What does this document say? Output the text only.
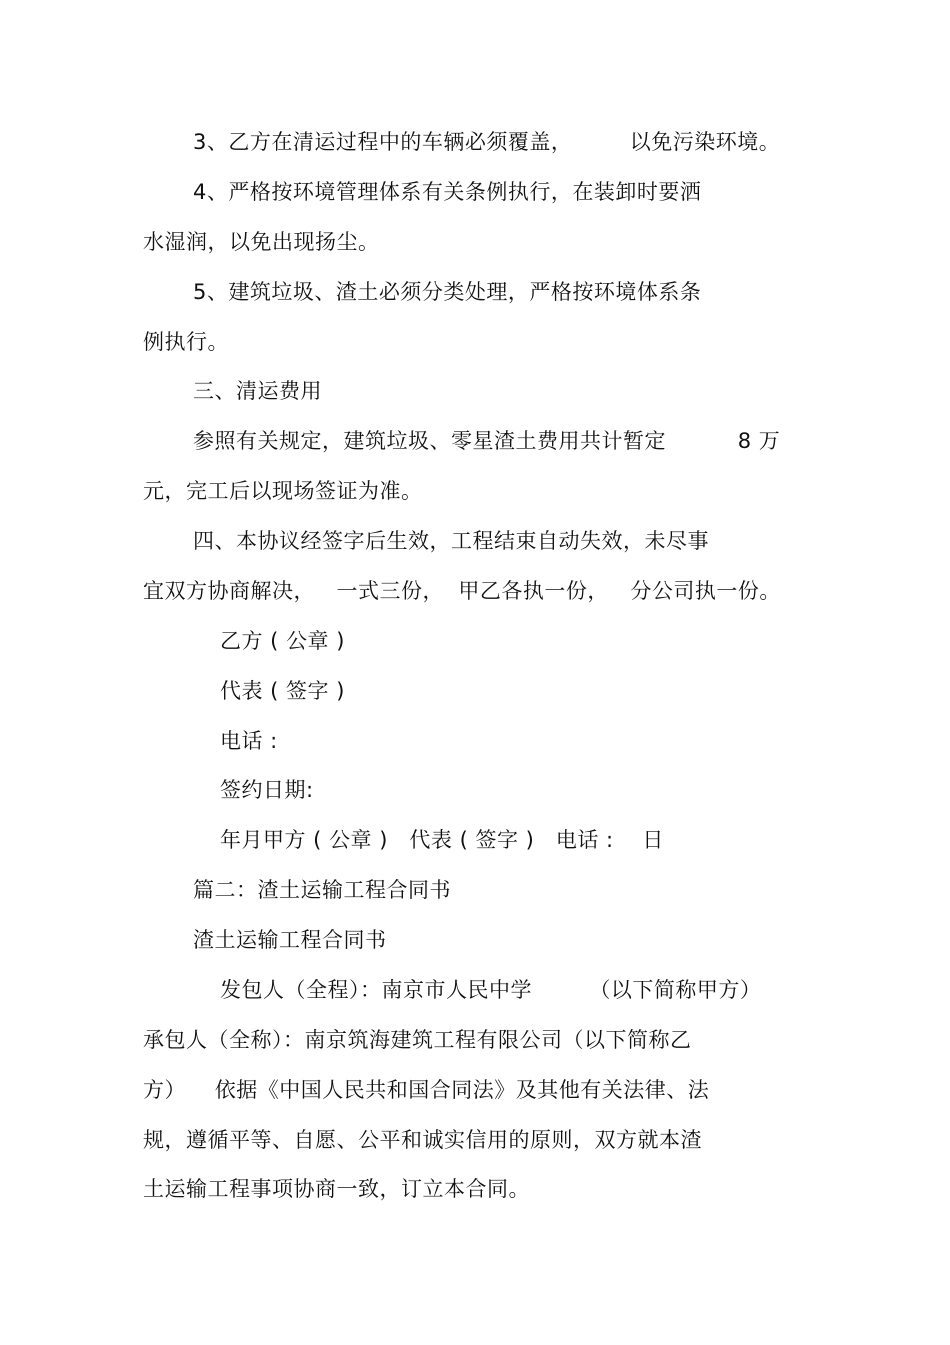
3、乙方在清运过程中的车辆必须覆盖，        以免污染环境。
4、严格按环境管理体系有关条例执行，在装卸时要洒
水湿润，以免出现扬尘。
5、建筑垃圾、渣土必须分类处理，严格按环境体系条
例执行。
三、清运费用
参照有关规定，建筑垃圾、零星渣土费用共计暂定          8 万
元，完工后以现场签证为准。
四、本协议经签字后生效，工程结束自动失效，未尽事
宜双方协商解决，   一式三份，  甲乙各执一份，   分公司执一份。
乙方 ( 公章 )
代表 ( 签字 )
电话 :
签约日期:
年月甲方 ( 公章 )   代表 ( 签字 )   电话 :    日
篇二：渣土运输工程合同书
渣土运输工程合同书
发包人（全程）：南京市人民中学        （以下简称甲方）
承包人（全称）：南京筑海建筑工程有限公司（以下简称乙
方）    依据《中国人民共和国合同法》及其他有关法律、法
规，遵循平等、自愿、公平和诚实信用的原则，双方就本渣
土运输工程事项协商一致，订立本合同。
